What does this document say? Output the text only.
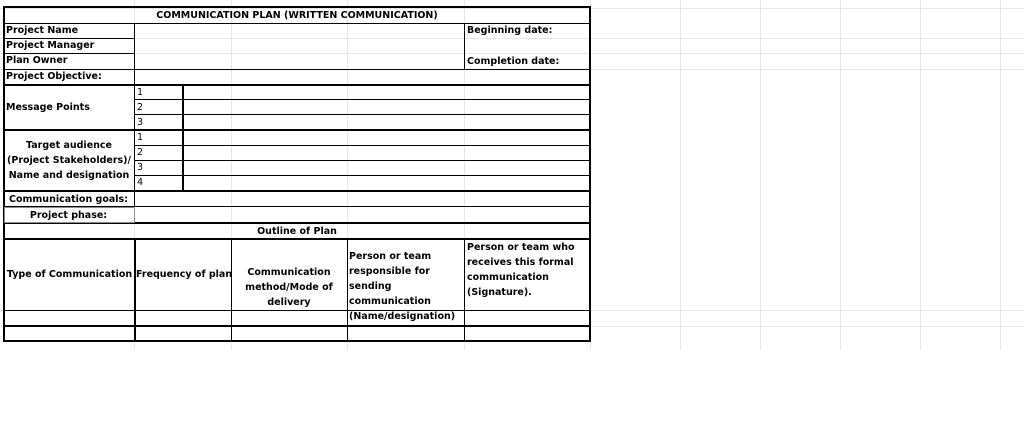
COMMUNICATION PLAN (WRITTEN COMMUNICATION)
Project Name
Project Manager
Plan Owner
Project Objective:
Beginning date:
Completion date:
Message Points
1
2
3
Target audience (Project Stakeholders)/ Name and designation
1
2
3
4
Communication goals:
Project phase:
Outline of Plan
Type of Communication Frequency of plan	Communication method/Mode of delivery
Person or team responsible for sending communication (Name/designation)
Person or team who receives this formal communication (Signature).
